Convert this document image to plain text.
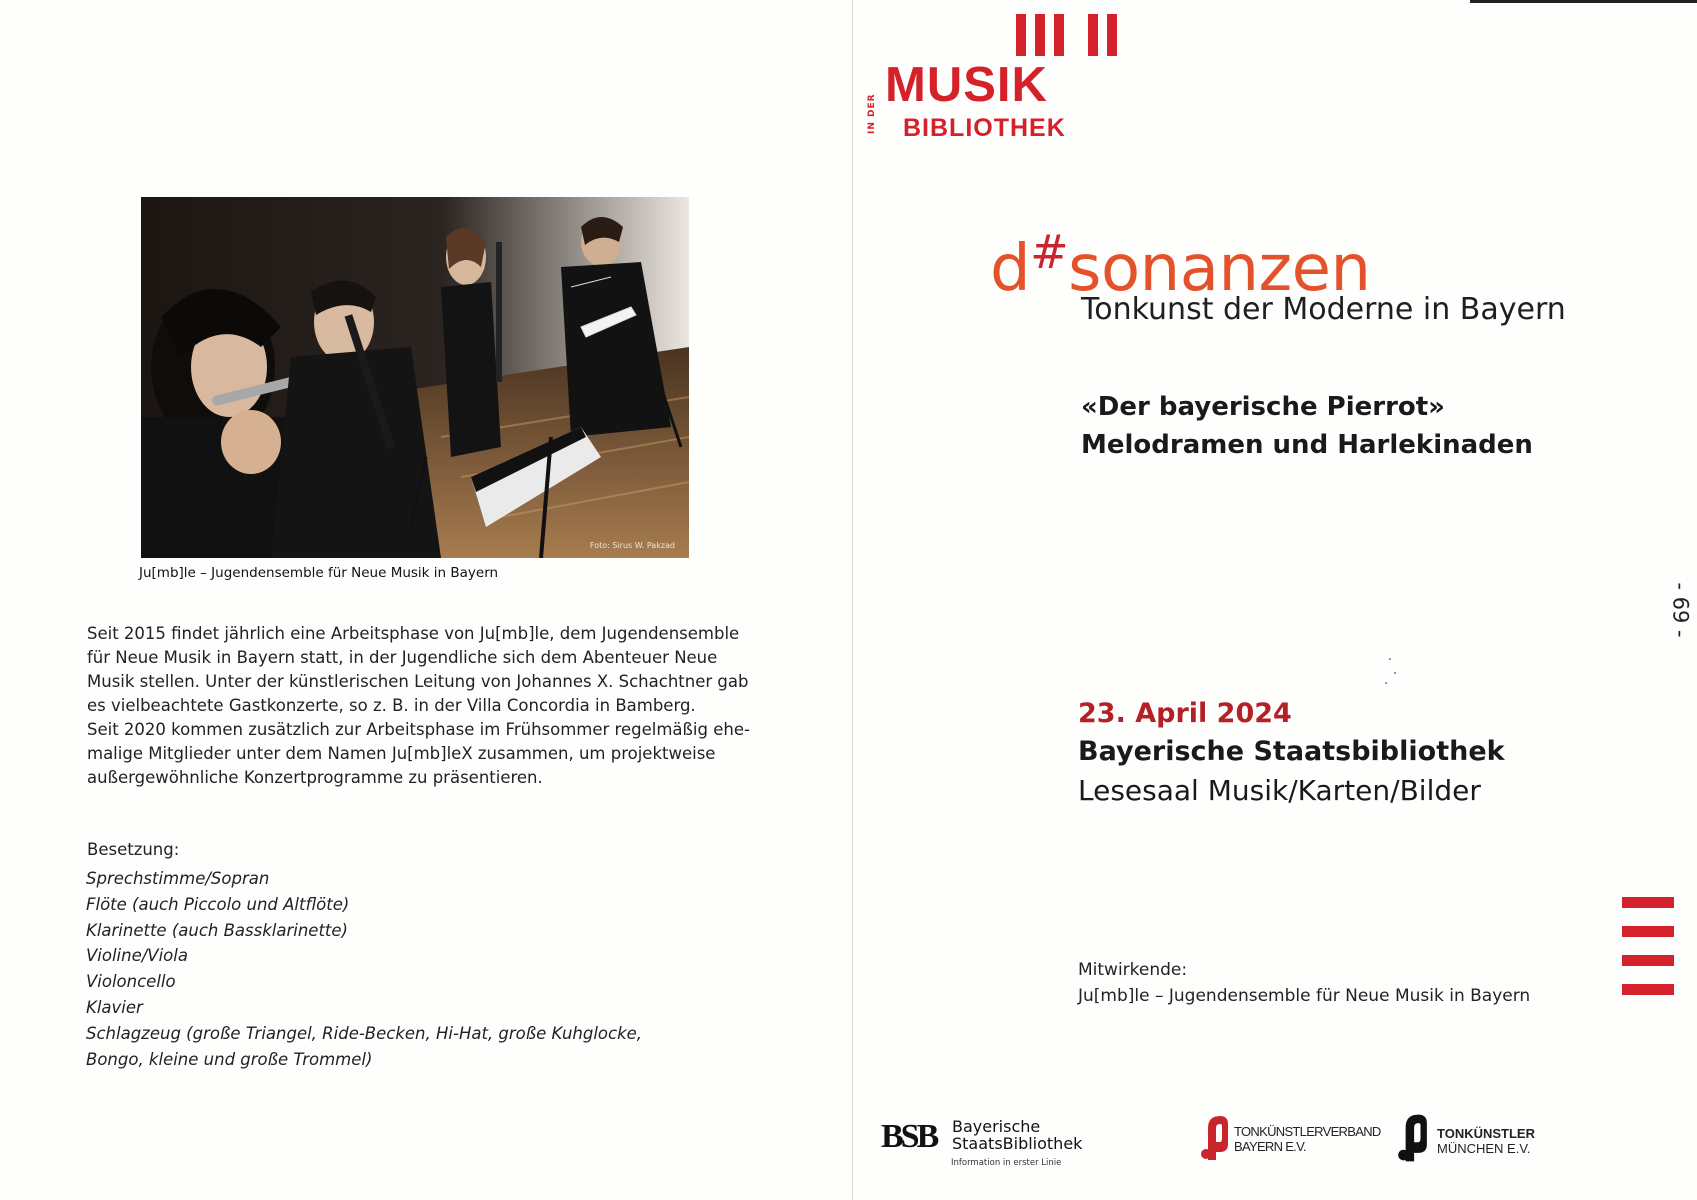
Foto: Sirus W. Pakzad
Ju[mb]le – Jugendensemble für Neue Musik in Bayern

Seit 2015 findet jährlich eine Arbeitsphase von Ju[mb]le, dem Jugendensemble
für Neue Musik in Bayern statt, in der Jugendliche sich dem Abenteuer Neue
Musik stellen. Unter der künstlerischen Leitung von Johannes X. Schachtner gab
es vielbeachtete Gastkonzerte, so z. B. in der Villa Concordia in Bamberg.
Seit 2020 kommen zusätzlich zur Arbeitsphase im Frühsommer regelmäßig ehe-
malige Mitglieder unter dem Namen Ju[mb]leX zusammen, um projektweise
außergewöhnliche Konzertprogramme zu präsentieren.

Besetzung:
Sprechstimme/Sopran
Flöte (auch Piccolo und Altflöte)
Klarinette (auch Bassklarinette)
Violine/Viola
Violoncello
Klavier
Schlagzeug (große Triangel, Ride-Becken, Hi-Hat, große Kuhglocke,
Bongo, kleine und große Trommel)
MUSIK
IN DER BIBLIOTHEK
d#sonanzen
Tonkunst der Moderne in Bayern
«Der bayerische Pierrot»
Melodramen und Harlekinaden
- 69 -
23. April 2024
Bayerische Staatsbibliothek
Lesesaal Musik/Karten/Bilder
Mitwirkende:
Ju[mb]le – Jugendensemble für Neue Musik in Bayern
BSB Bayerische
StaatsBibliothek
Information in erster Linie
TONKÜNSTLERVERBAND
BAYERN E.V.
TONKÜNSTLER
MÜNCHEN E.V.
